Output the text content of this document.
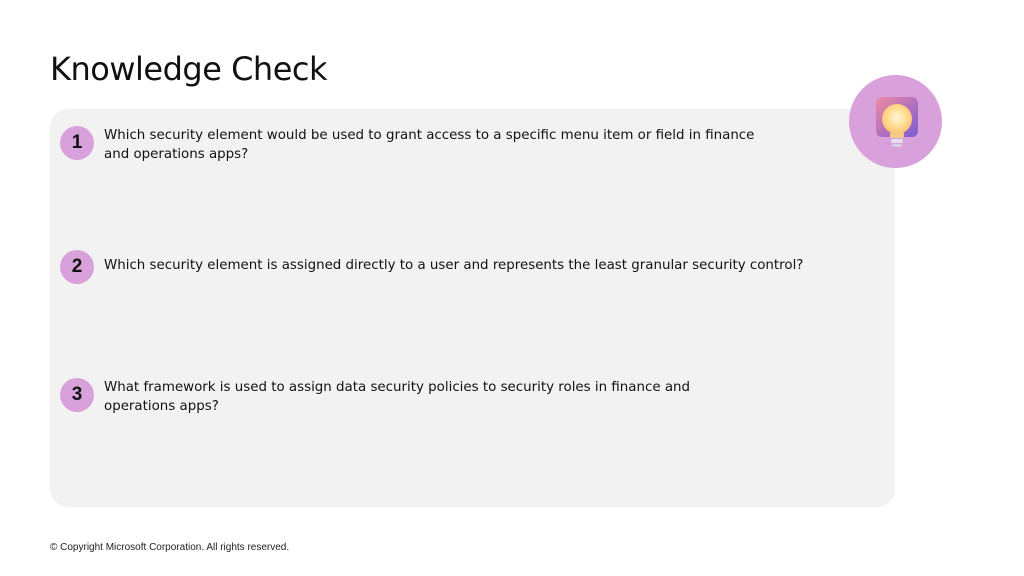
Knowledge Check
1	Which security element would be used to grant access to a specific menu item or field in finance and operations apps?
2	Which security element is assigned directly to a user and represents the least granular security control?
3	What framework is used to assign data security policies to security roles in finance and operations apps?
© Copyright Microsoft Corporation. All rights reserved.
